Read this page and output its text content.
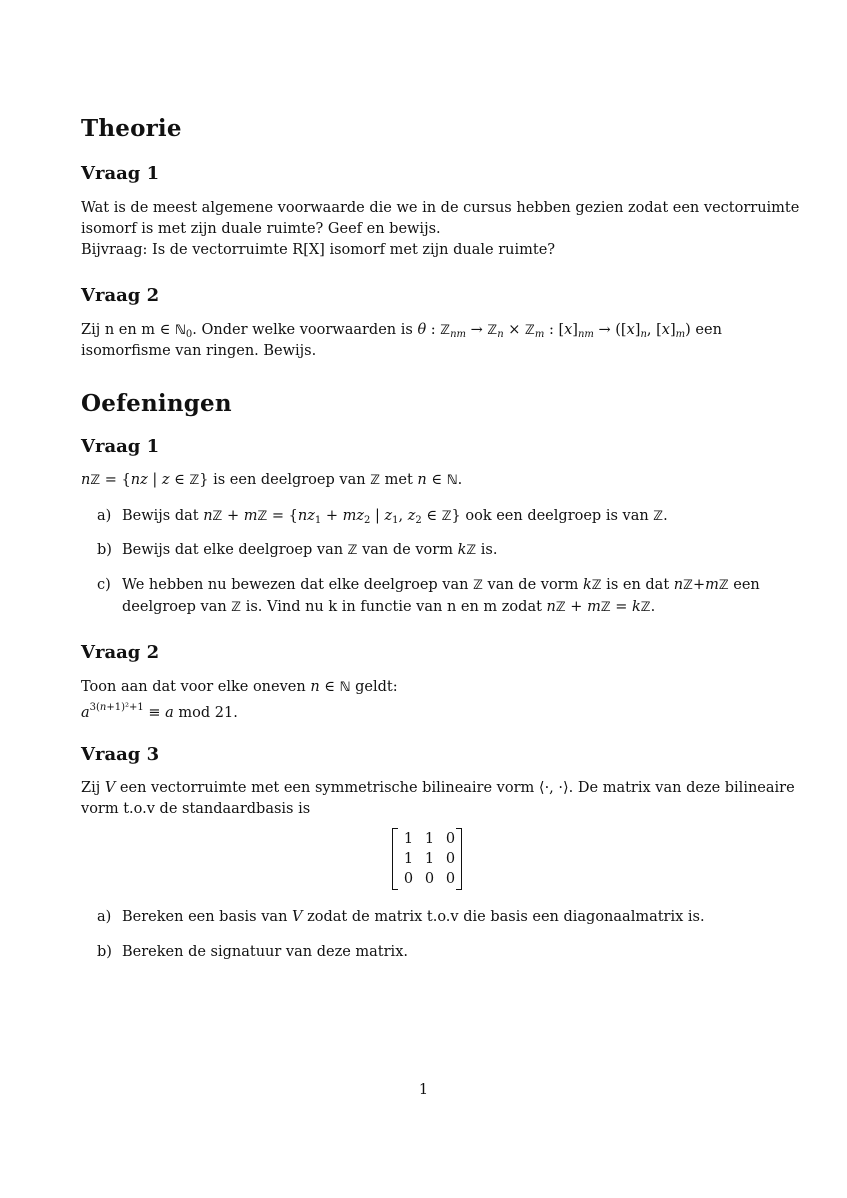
Theorie
Vraag 1
Wat is de meest algemene voorwaarde die we in de cursus hebben gezien zodat een vectorruimte
isomorf is met zijn duale ruimte? Geef en bewijs.
Bijvraag: Is de vectorruimte R[X] isomorf met zijn duale ruimte?
Vraag 2
Zij n en m ∈ ℕ$_0$. Onder welke voorwaarden is θ : ℤ$_{nm}$ → ℤ$_n$ × ℤ$_m$ : $[x]_{nm} \to ([x]_n$, $[x]_m$) een
isomorfisme van ringen. Bewijs.
Oefeningen
Vraag 1
nℤ = {nz | z ∈ ℤ} is een deelgroep van ℤ met n ∈ ℕ.
a) Bewijs dat nℤ + mℤ = {$nz_1 + mz_2$ | $z_1$, $z_2$ ∈ ℤ} ook een deelgroep is van ℤ.
b) Bewijs dat elke deelgroep van ℤ van de vorm kℤ is.
c) We hebben nu bewezen dat elke deelgroep van ℤ van de vorm kℤ is en dat nℤ+mℤ een
deelgroep van ℤ is. Vind nu k in functie van n en m zodat nℤ + mℤ = kℤ.
Vraag 2
Toon aan dat voor elke oneven n ∈ ℕ geldt:
$a^{3(n+1)^2+1} \equiv a$ mod 21.
Vraag 3
Zij V een vectorruimte met een symmetrische bilineaire vorm ⟨·, ·⟩. De matrix van deze bilineaire
vorm t.o.v de standaardbasis is
a) Bereken een basis van V zodat de matrix t.o.v die basis een diagonaalmatrix is.
b) Bereken de signatuur van deze matrix.
1	1	0
1	1	0
0	0	0
1
